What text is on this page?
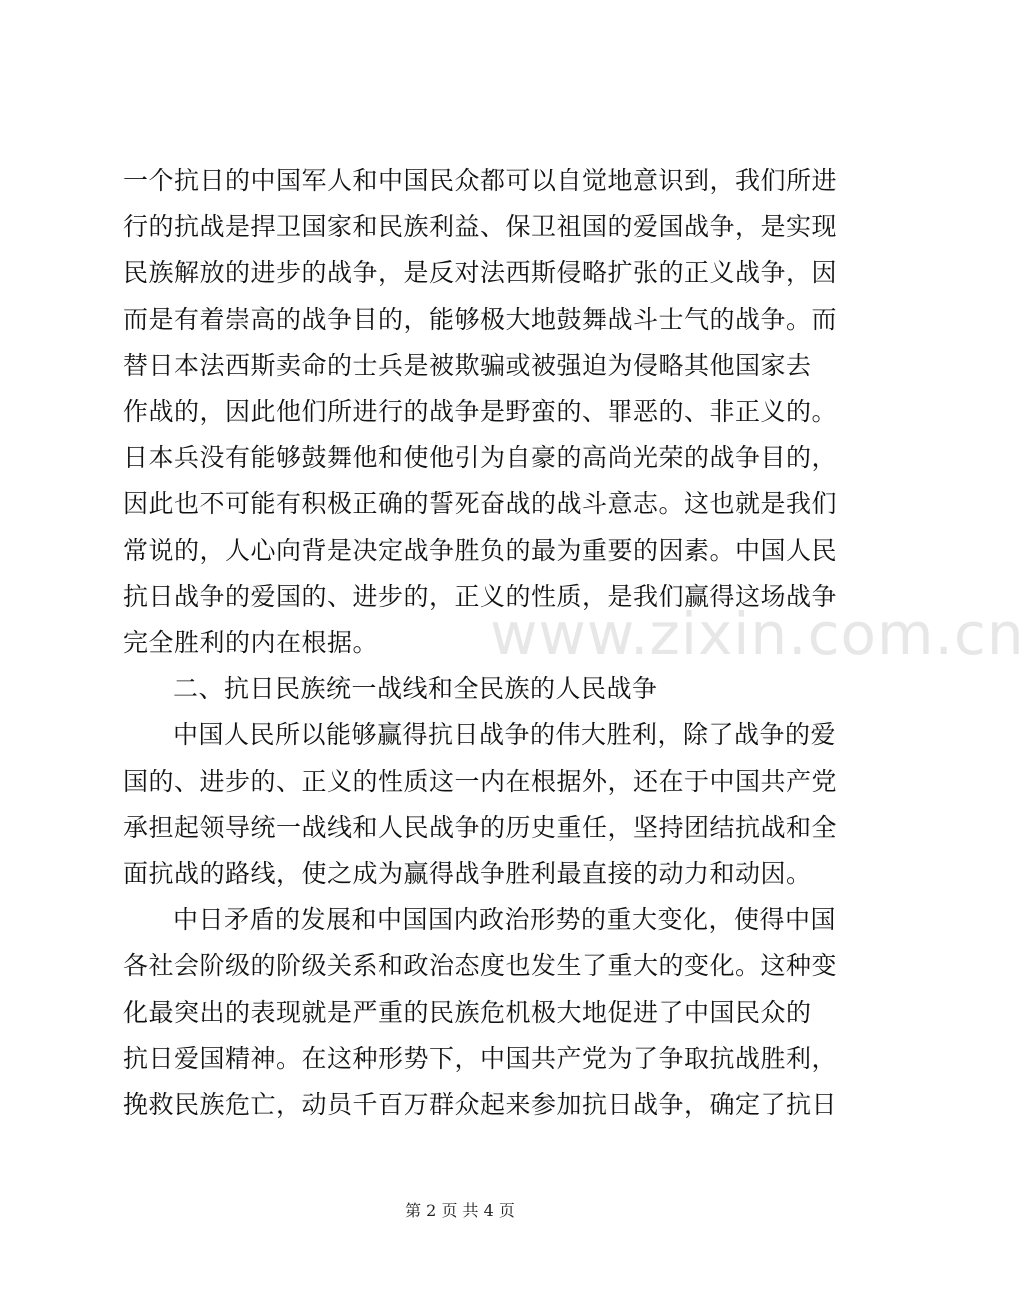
一个抗日的中国军人和中国民众都可以自觉地意识到，我们所进
行的抗战是捍卫国家和民族利益、保卫祖国的爱国战争，是实现
民族解放的进步的战争，是反对法西斯侵略扩张的正义战争，因
而是有着崇高的战争目的，能够极大地鼓舞战斗士气的战争。而
替日本法西斯卖命的士兵是被欺骗或被强迫为侵略其他国家去
作战的，因此他们所进行的战争是野蛮的、罪恶的、非正义的。
日本兵没有能够鼓舞他和使他引为自豪的高尚光荣的战争目的，
因此也不可能有积极正确的誓死奋战的战斗意志。这也就是我们
常说的，人心向背是决定战争胜负的最为重要的因素。中国人民
抗日战争的爱国的、进步的，正义的性质，是我们赢得这场战争
完全胜利的内在根据。
二、抗日民族统一战线和全民族的人民战争
中国人民所以能够赢得抗日战争的伟大胜利，除了战争的爱
国的、进步的、正义的性质这一内在根据外，还在于中国共产党
承担起领导统一战线和人民战争的历史重任，坚持团结抗战和全
面抗战的路线，使之成为赢得战争胜利最直接的动力和动因。
中日矛盾的发展和中国国内政治形势的重大变化，使得中国
各社会阶级的阶级关系和政治态度也发生了重大的变化。这种变
化最突出的表现就是严重的民族危机极大地促进了中国民众的
抗日爱国精神。在这种形势下，中国共产党为了争取抗战胜利，
挽救民族危亡，动员千百万群众起来参加抗日战争，确定了抗日
www.zixin.com.cn
第 2 页 共 4 页
